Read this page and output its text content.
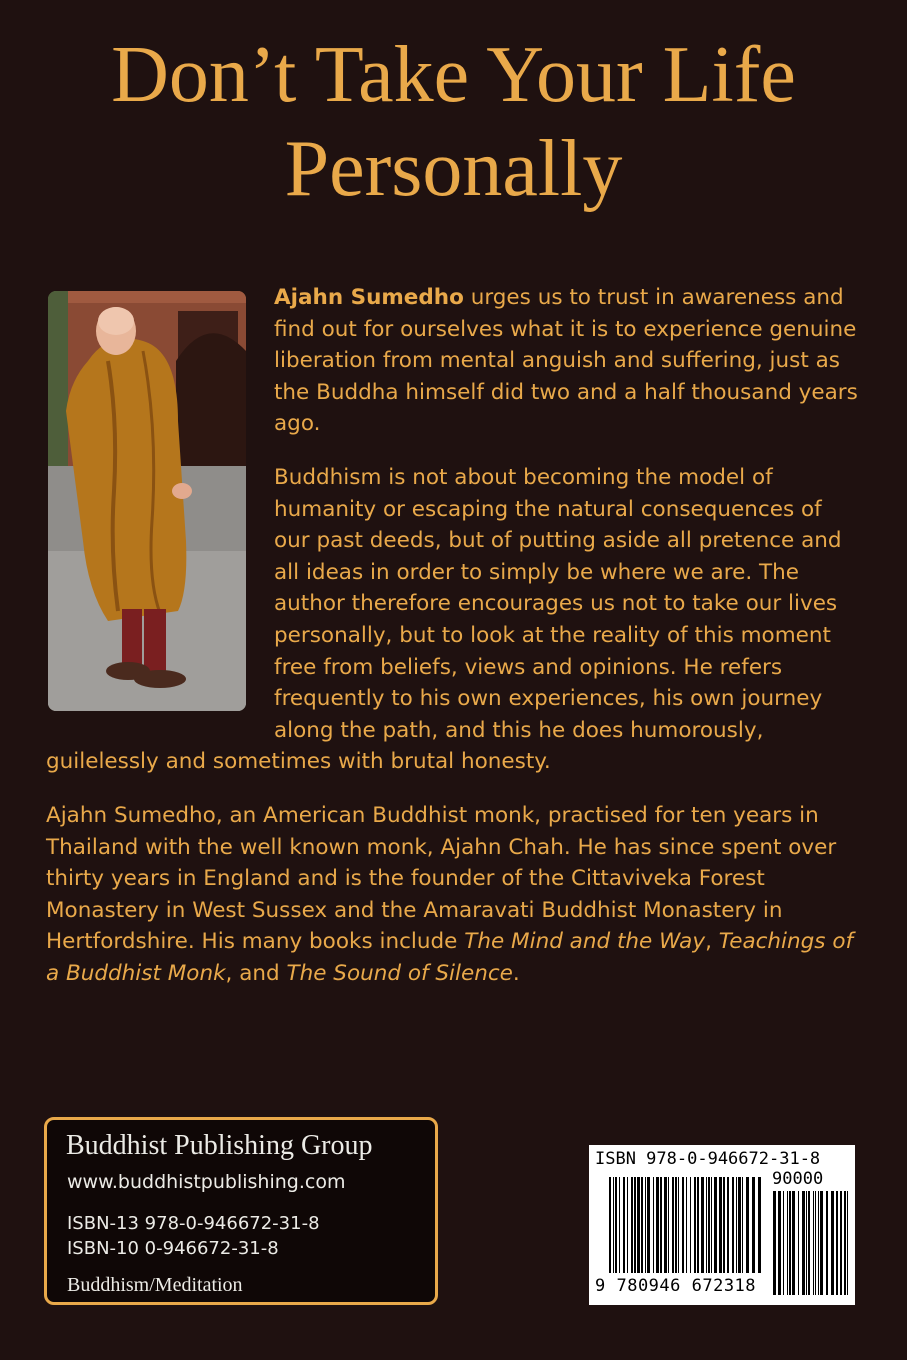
Don’t Take Your Life
Personally

Ajahn Sumedho urges us to trust in awareness and find out for ourselves what it is to experience genuine liberation from mental anguish and suffering, just as the Buddha himself did two and a half thousand years ago.

Buddhism is not about becoming the model of humanity or escaping the natural consequences of our past deeds, but of putting aside all pretence and all ideas in order to simply be where we are. The author therefore encourages us not to take our lives personally, but to look at the reality of this moment free from beliefs, views and opinions. He refers frequently to his own experiences, his own journey along the path, and this he does humorously, guilelessly and sometimes with brutal honesty.

Ajahn Sumedho, an American Buddhist monk, practised for ten years in Thailand with the well known monk, Ajahn Chah. He has since spent over thirty years in England and is the founder of the Cittaviveka Forest Monastery in West Sussex and the Amaravati Buddhist Monastery in Hertfordshire. His many books include The Mind and the Way, Teachings of a Buddhist Monk, and The Sound of Silence.

Buddhist Publishing Group
www.buddhistpublishing.com
ISBN-13 978-0-946672-31-8
ISBN-10 0-946672-31-8
Buddhism/Meditation
ISBN 978-0-946672-31-8
90000
9 780946 672318
